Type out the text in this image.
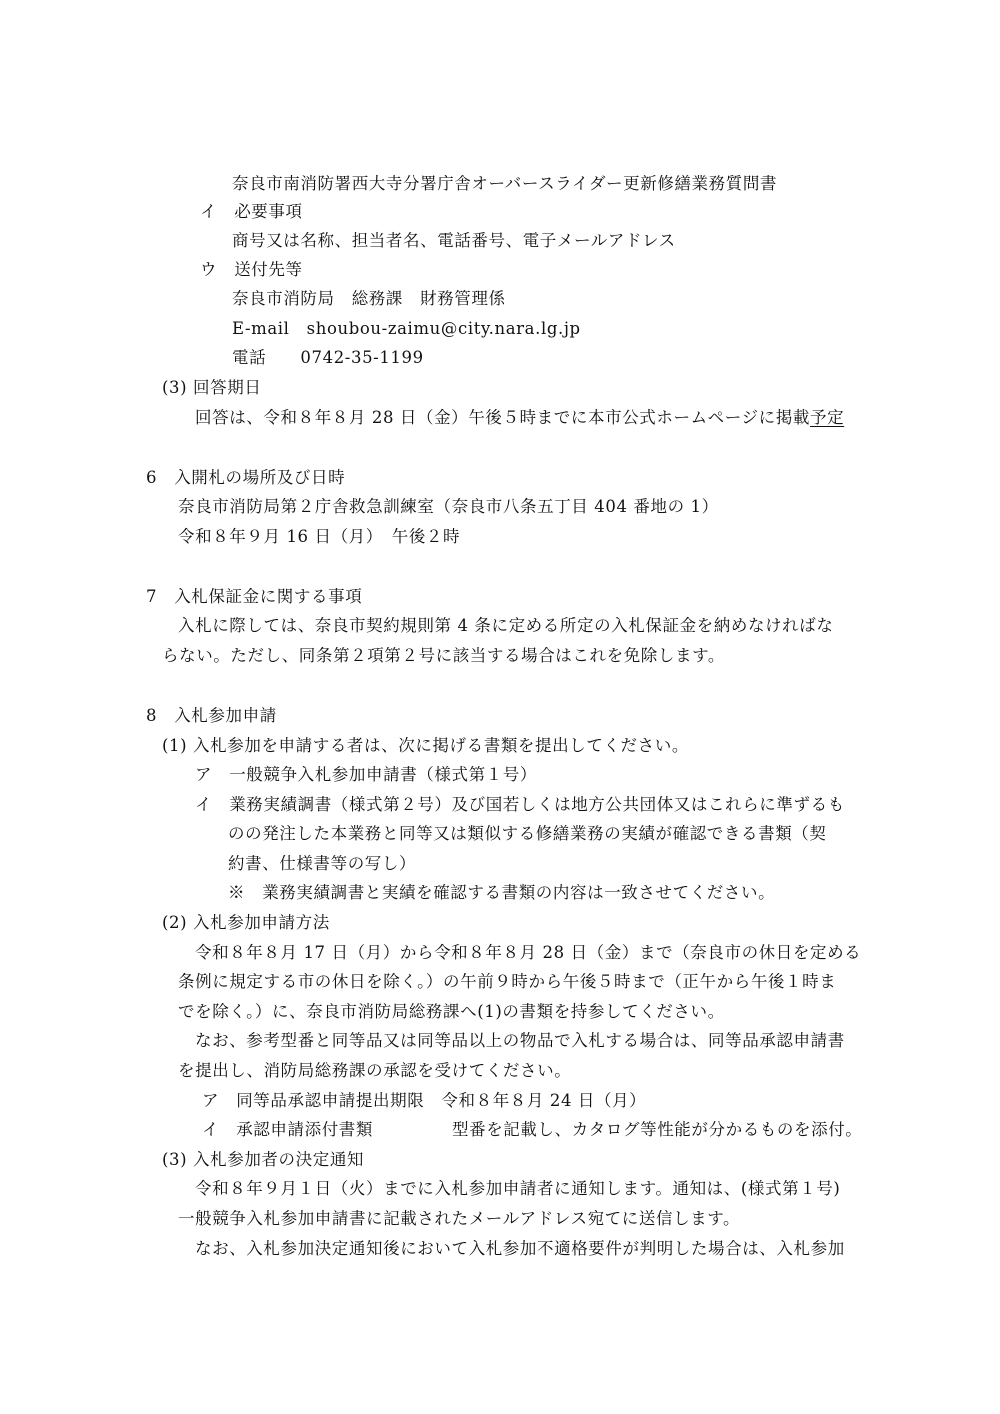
奈良市南消防署西大寺分署庁舎オーバースライダー更新修繕業務質問書
イ　必要事項
商号又は名称、担当者名、電話番号、電子メールアドレス
ウ　送付先等
奈良市消防局　総務課　財務管理係
E-mail　shoubou-zaimu@city.nara.lg.jp
電話　　0742-35-1199
(3) 回答期日
回答は、令和８年８月 28 日（金）午後５時までに本市公式ホームページに掲載予定
6　入開札の場所及び日時
奈良市消防局第２庁舎救急訓練室（奈良市八条五丁目 404 番地の 1）
令和８年９月 16 日（月）　午後２時
7　入札保証金に関する事項
入札に際しては、奈良市契約規則第 4 条に定める所定の入札保証金を納めなければな
らない。ただし、同条第２項第２号に該当する場合はこれを免除します。
8　入札参加申請
(1) 入札参加を申請する者は、次に掲げる書類を提出してください。
ア　一般競争入札参加申請書（様式第１号）
イ　業務実績調書（様式第２号）及び国若しくは地方公共団体又はこれらに準ずるも
のの発注した本業務と同等又は類似する修繕業務の実績が確認できる書類（契
約書、仕様書等の写し）
※　業務実績調書と実績を確認する書類の内容は一致させてください。
(2) 入札参加申請方法
令和８年８月 17 日（月）から令和８年８月 28 日（金）まで（奈良市の休日を定める
条例に規定する市の休日を除く。）の午前９時から午後５時まで（正午から午後１時ま
でを除く。）に、奈良市消防局総務課へ(1)の書類を持参してください。
なお、参考型番と同等品又は同等品以上の物品で入札する場合は、同等品承認申請書
を提出し、消防局総務課の承認を受けてください。
ア　同等品承認申請提出期限　令和８年８月 24 日（月）
イ　承認申請添付書類	型番を記載し、カタログ等性能が分かるものを添付。
(3) 入札参加者の決定通知
令和８年９月１日（火）までに入札参加申請者に通知します。通知は、(様式第１号)
一般競争入札参加申請書に記載されたメールアドレス宛てに送信します。
なお、入札参加決定通知後において入札参加不適格要件が判明した場合は、入札参加
